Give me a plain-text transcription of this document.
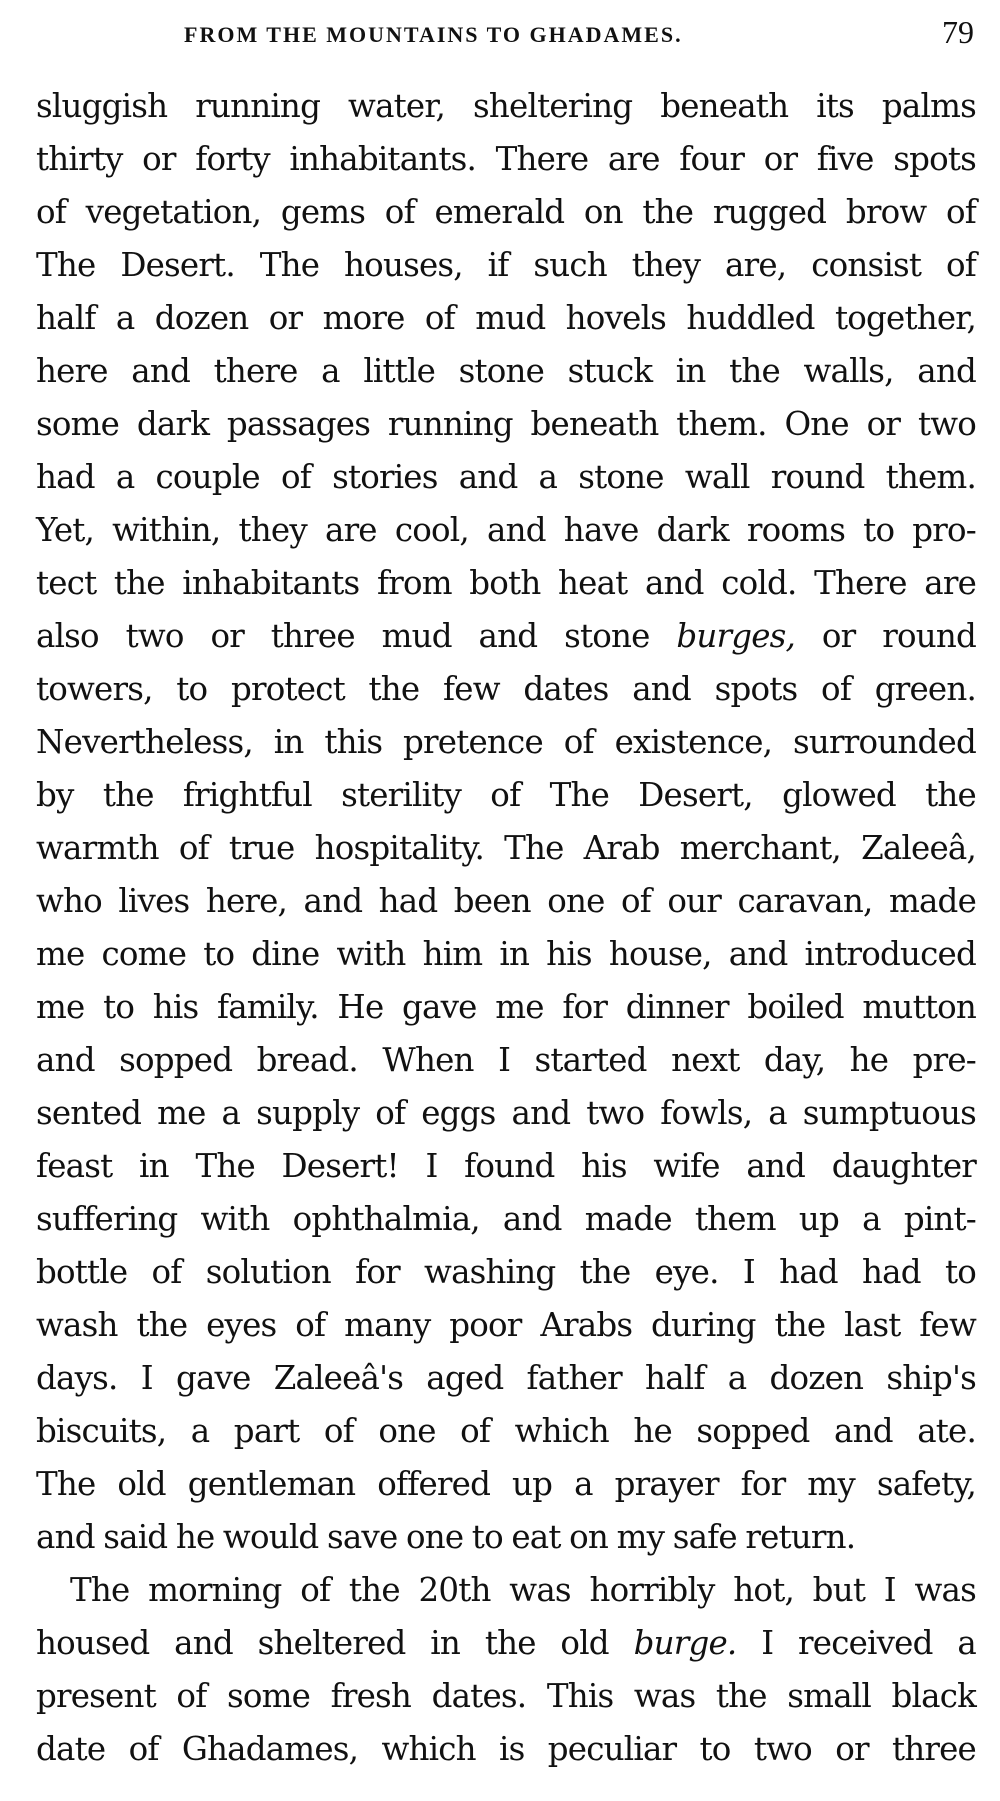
FROM THE MOUNTAINS TO GHADAMES.	79
sluggish running water, sheltering beneath its palms
thirty or forty inhabitants. There are four or five spots
of vegetation, gems of emerald on the rugged brow of
The Desert. The houses, if such they are, consist of
half a dozen or more of mud hovels huddled together,
here and there a little stone stuck in the walls, and
some dark passages running beneath them. One or two
had a couple of stories and a stone wall round them.
Yet, within, they are cool, and have dark rooms to pro-
tect the inhabitants from both heat and cold. There are
also two or three mud and stone burges, or round
towers, to protect the few dates and spots of green.
Nevertheless, in this pretence of existence, surrounded
by the frightful sterility of The Desert, glowed the
warmth of true hospitality. The Arab merchant, Zaleeâ,
who lives here, and had been one of our caravan, made
me come to dine with him in his house, and introduced
me to his family. He gave me for dinner boiled mutton
and sopped bread. When I started next day, he pre-
sented me a supply of eggs and two fowls, a sumptuous
feast in The Desert! I found his wife and daughter
suffering with ophthalmia, and made them up a pint-
bottle of solution for washing the eye. I had had to
wash the eyes of many poor Arabs during the last few
days. I gave Zaleeâ's aged father half a dozen ship's
biscuits, a part of one of which he sopped and ate.
The old gentleman offered up a prayer for my safety,
and said he would save one to eat on my safe return.
The morning of the 20th was horribly hot, but I was
housed and sheltered in the old burge. I received a
present of some fresh dates. This was the small black
date of Ghadames, which is peculiar to two or three
